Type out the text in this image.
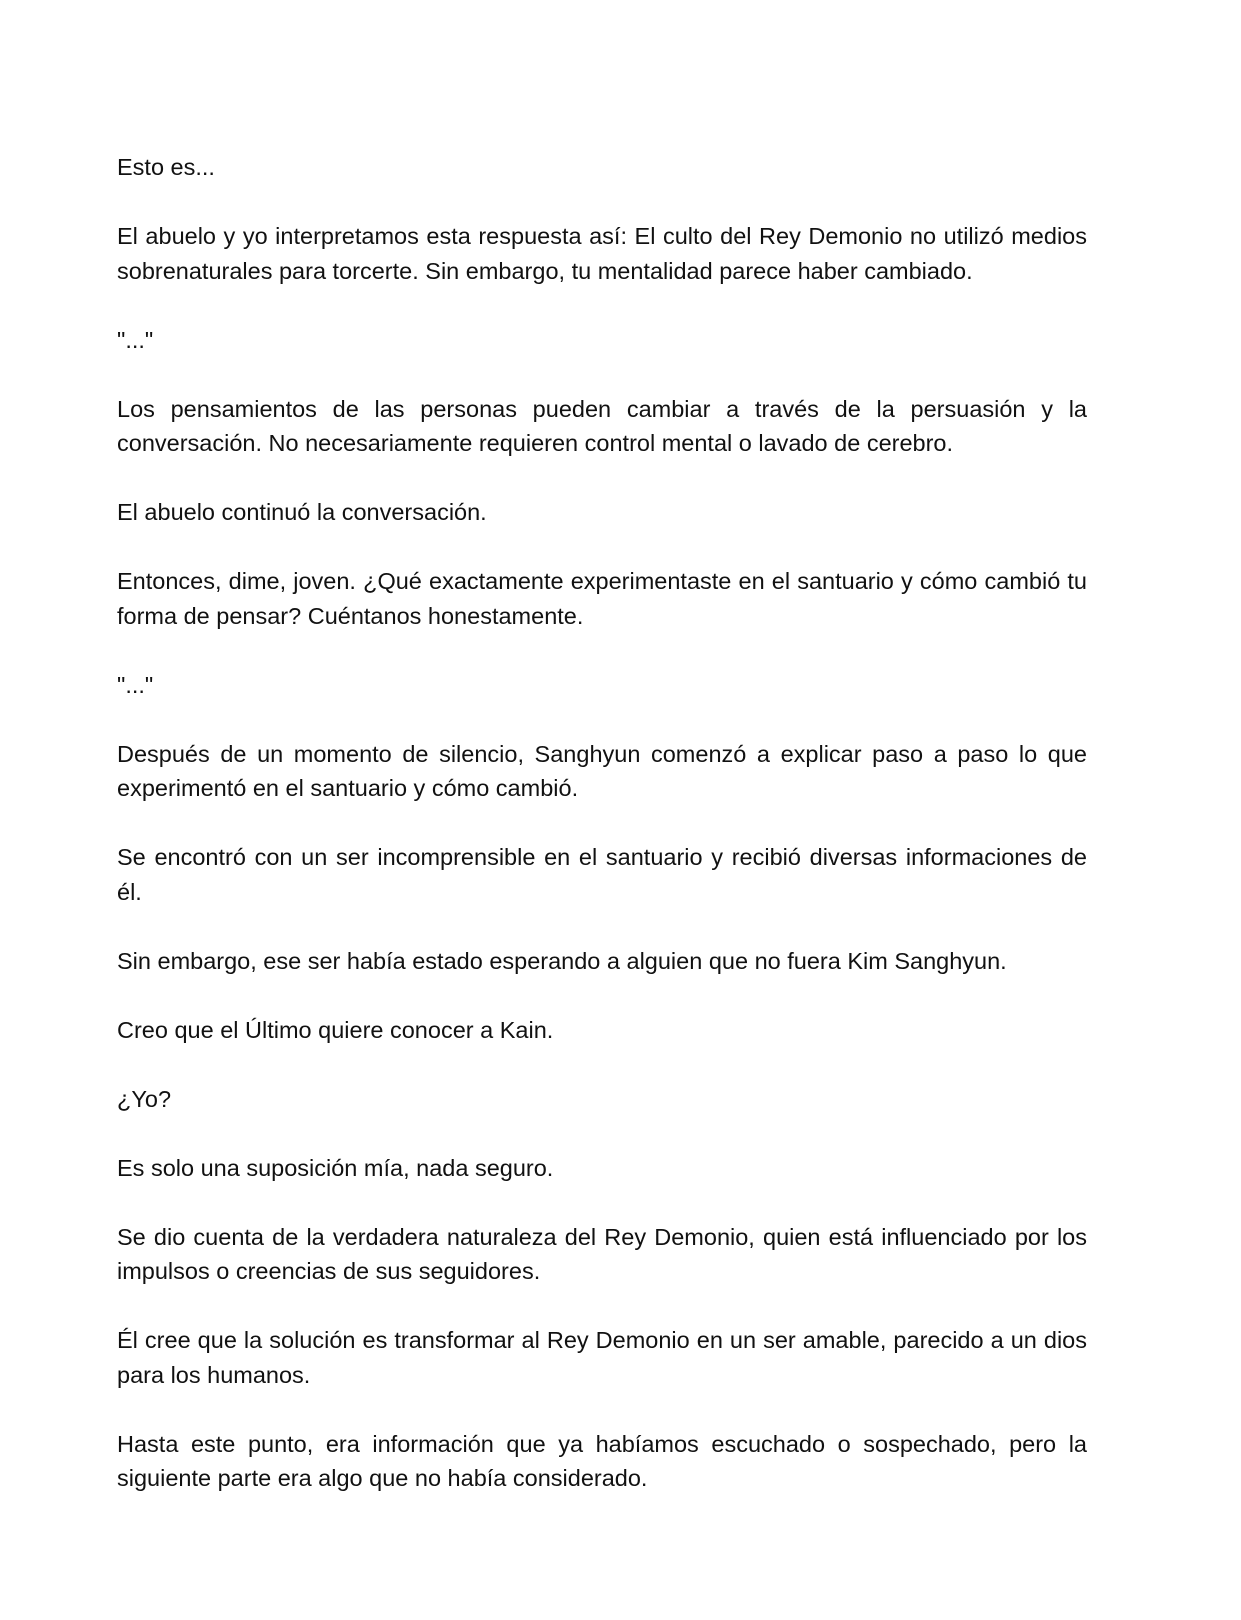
Esto es...

El abuelo y yo interpretamos esta respuesta así: El culto del Rey Demonio no utilizó medios sobrenaturales para torcerte. Sin embargo, tu mentalidad parece haber cambiado.

"..."

Los pensamientos de las personas pueden cambiar a través de la persuasión y la conversación. No necesariamente requieren control mental o lavado de cerebro.

El abuelo continuó la conversación.

Entonces, dime, joven. ¿Qué exactamente experimentaste en el santuario y cómo cambió tu forma de pensar? Cuéntanos honestamente.

"..."

Después de un momento de silencio, Sanghyun comenzó a explicar paso a paso lo que experimentó en el santuario y cómo cambió.

Se encontró con un ser incomprensible en el santuario y recibió diversas informaciones de él.

Sin embargo, ese ser había estado esperando a alguien que no fuera Kim Sanghyun.

Creo que el Último quiere conocer a Kain.

¿Yo?

Es solo una suposición mía, nada seguro.

Se dio cuenta de la verdadera naturaleza del Rey Demonio, quien está influenciado por los impulsos o creencias de sus seguidores.

Él cree que la solución es transformar al Rey Demonio en un ser amable, parecido a un dios para los humanos.

Hasta este punto, era información que ya habíamos escuchado o sospechado, pero la siguiente parte era algo que no había considerado.
